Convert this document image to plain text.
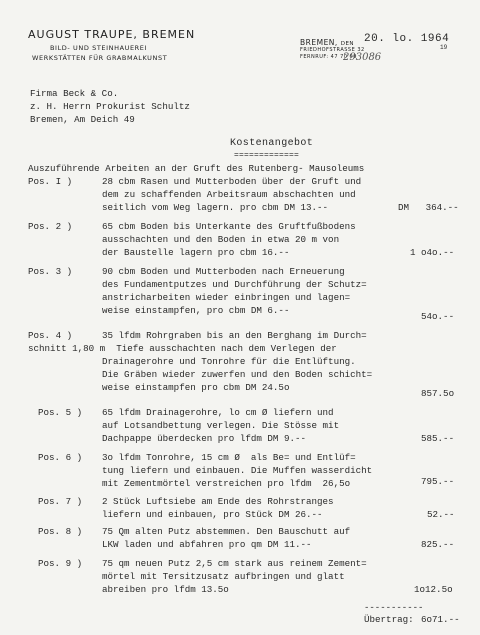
AUGUST TRAUPE, BREMEN
BILD- UND STEINHAUEREI
WERKSTÄTTEN FÜR GRABMALKUNST
BREMEN, DEN
FRIEDHOFSTRASSE 32
FERNRUF: 47 70 09
20. lo. 1964
19
293086
Firma Beck & Co.
z. H. Herrn Prokurist Schultz
Bremen, Am Deich 49
Kostenangebot
=============
Auszuführende Arbeiten an der Gruft des Rutenberg- Mausoleums
Pos. I )	28 cbm Rasen und Mutterboden über der Gruft und
dem zu schaffenden Arbeitsraum abschachten und
seitlich vom Weg lagern. pro cbm DM 13.--	DM   364.--
Pos. 2 )	65 cbm Boden bis Unterkante des Gruftfußbodens
ausschachten und den Boden in etwa 20 m von
der Baustelle lagern pro cbm 16.--	1 o4o.--
Pos. 3 )	90 cbm Boden und Mutterboden nach Erneuerung
des Fundamentputzes und Durchführung der Schutz=
anstricharbeiten wieder einbringen und lagen=
weise einstampfen, pro cbm DM 6.--
54o.--
Pos. 4 )	35 lfdm Rohrgraben bis an den Berghang im Durch=
schnitt 1,80 m  Tiefe ausschachten nach dem Verlegen der
Drainagerohre und Tonrohre für die Entlüftung.
Die Gräben wieder zuwerfen und den Boden schicht=
weise einstampfen pro cbm DM 24.5o
857.5o
Pos. 5 ) 65 lfdm Drainagerohre, lo cm Ø liefern und
auf Lotsandbettung verlegen. Die Stösse mit
Dachpappe überdecken pro lfdm DM 9.--	585.--
Pos. 6 ) 3o lfdm Tonrohre, 15 cm Ø  als Be= und Entlüf=
tung liefern und einbauen. Die Muffen wasserdicht
mit Zementmörtel verstreichen pro lfdm  26,5o	795.--
Pos. 7 ) 2 Stück Luftsiebe am Ende des Rohrstranges
liefern und einbauen, pro Stück DM 26.--	52.--
Pos. 8 ) 75 Qm alten Putz abstemmen. Den Bauschutt auf
LKW laden und abfahren pro qm DM 11.--	825.--
Pos. 9 ) 75 qm neuen Putz 2,5 cm stark aus reinem Zement=
mörtel mit Tersitzusatz aufbringen und glatt
abreiben pro lfdm 13.5o	1o12.5o
-----------
Übertrag: 6o71.--
